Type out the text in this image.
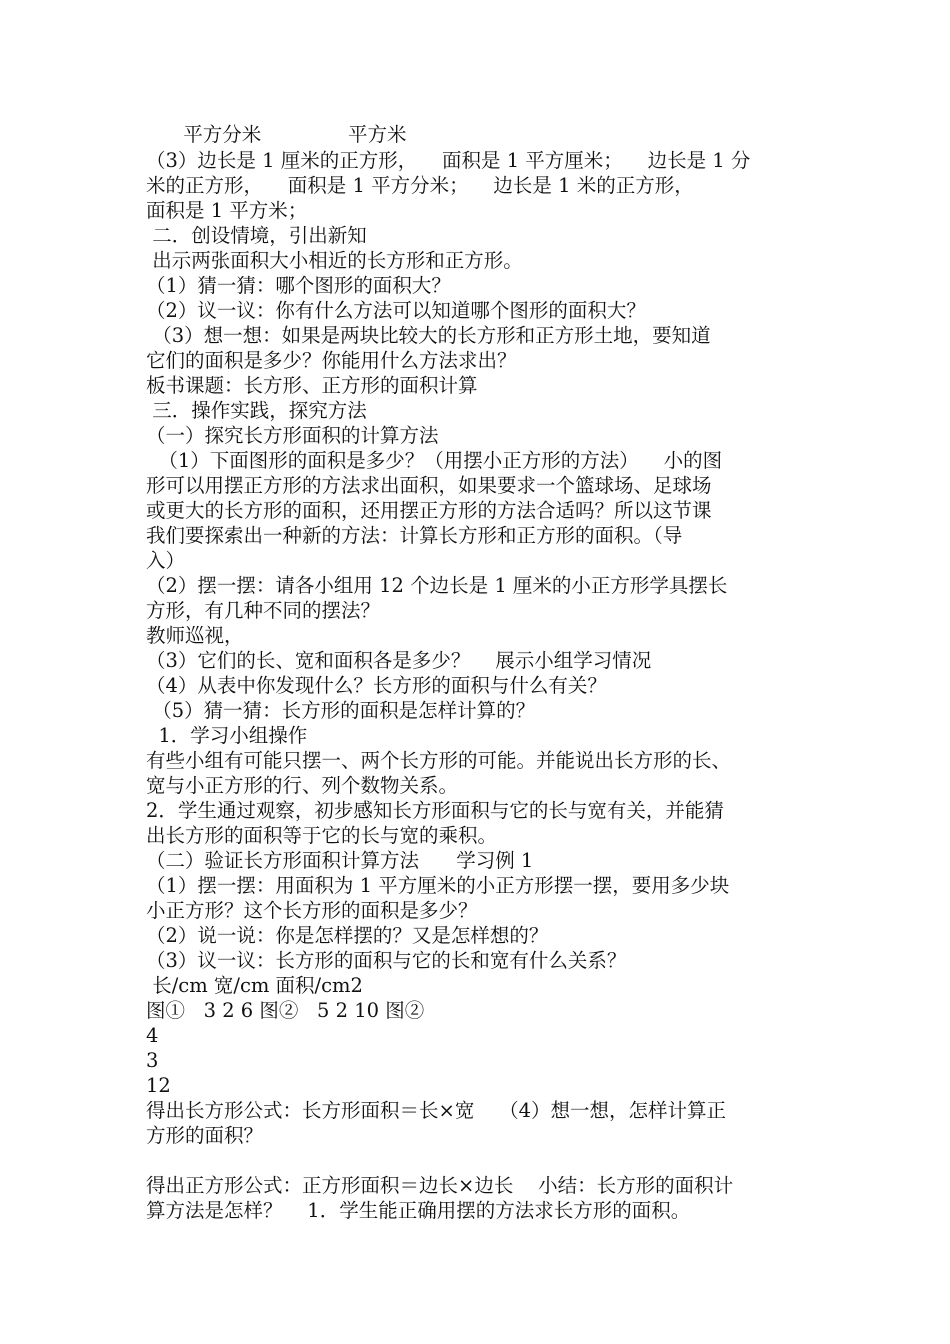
平方分米              平方米
（3）边长是 1 厘米的正方形，    面积是 1 平方厘米；    边长是 1 分
米的正方形，    面积是 1 平方分米；    边长是 1 米的正方形，
面积是 1 平方米；
二．创设情境，引出新知
出示两张面积大小相近的长方形和正方形。
（1）猜一猜：哪个图形的面积大？
（2）议一议：你有什么方法可以知道哪个图形的面积大？
（3）想一想：如果是两块比较大的长方形和正方形土地，要知道
它们的面积是多少？你能用什么方法求出？
板书课题：长方形、正方形的面积计算
三．操作实践，探究方法
（一）探究长方形面积的计算方法
（1）下面图形的面积是多少？（用摆小正方形的方法）    小的图
形可以用摆正方形的方法求出面积，如果要求一个篮球场、足球场
或更大的长方形的面积，还用摆正方形的方法合适吗？所以这节课
我们要探索出一种新的方法：计算长方形和正方形的面积。（导
入）
（2）摆一摆：请各小组用 12 个边长是 1 厘米的小正方形学具摆长
方形，有几种不同的摆法？
教师巡视，
（3）它们的长、宽和面积各是多少？    展示小组学习情况
（4）从表中你发现什么？长方形的面积与什么有关？
（5）猜一猜：长方形的面积是怎样计算的？
1．学习小组操作
有些小组有可能只摆一、两个长方形的可能。并能说出长方形的长、
宽与小正方形的行、列个数物关系。
2．学生通过观察，初步感知长方形面积与它的长与宽有关，并能猜
出长方形的面积等于它的长与宽的乘积。
（二）验证长方形面积计算方法      学习例 1
（1）摆一摆：用面积为 1 平方厘米的小正方形摆一摆，要用多少块
小正方形？这个长方形的面积是多少？
（2）说一说：你是怎样摆的？又是怎样想的？
（3）议一议：长方形的面积与它的长和宽有什么关系？
长/cm 宽/cm 面积/cm2
图①   3 2 6 图②   5 2 10 图②
4
3
12
得出长方形公式：长方形面积＝长×宽    （4）想一想，怎样计算正
方形的面积？
得出正方形公式：正方形面积＝边长×边长    小结：长方形的面积计
算方法是怎样？    1．学生能正确用摆的方法求长方形的面积。
